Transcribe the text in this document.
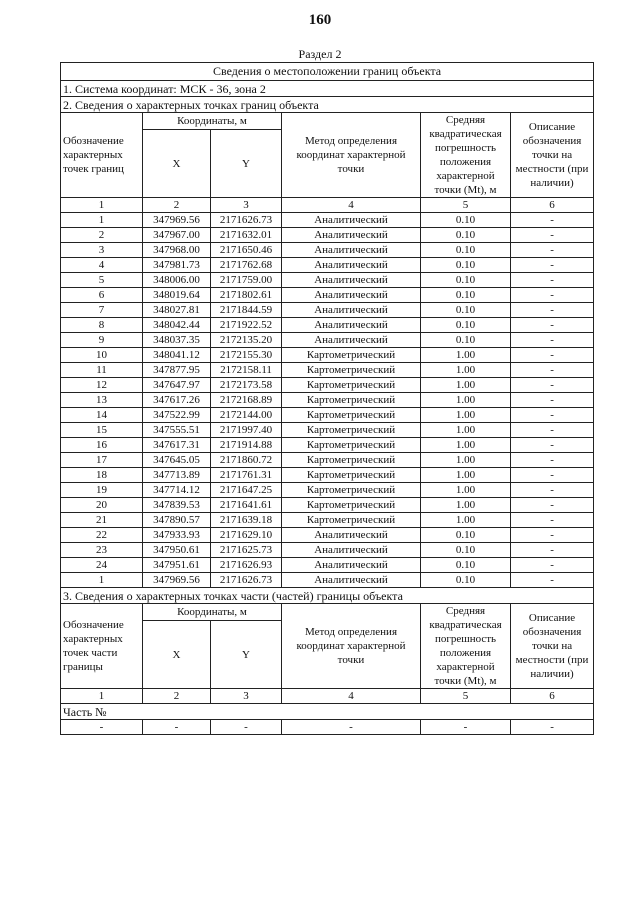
160
Раздел 2
Сведения о местоположении границ объекта					
1. Система координат: МСК - 36, зона 2					
2. Сведения о характерных точках границ объекта					
Обозначение характерных точек границ	Координаты, м		Метод определения координат характерной точки	Средняя квадратическая погрешность положения характерной точки (Mt), м	Описание обозначения точки на местности (при наличии)
	X	Y			
1	2	3	4	5	6
1	347969.56	2171626.73	Аналитический	0.10	-
2	347967.00	2171632.01	Аналитический	0.10	-
3	347968.00	2171650.46	Аналитический	0.10	-
4	347981.73	2171762.68	Аналитический	0.10	-
5	348006.00	2171759.00	Аналитический	0.10	-
6	348019.64	2171802.61	Аналитический	0.10	-
7	348027.81	2171844.59	Аналитический	0.10	-
8	348042.44	2171922.52	Аналитический	0.10	-
9	348037.35	2172135.20	Аналитический	0.10	-
10	348041.12	2172155.30	Картометрический	1.00	-
11	347877.95	2172158.11	Картометрический	1.00	-
12	347647.97	2172173.58	Картометрический	1.00	-
13	347617.26	2172168.89	Картометрический	1.00	-
14	347522.99	2172144.00	Картометрический	1.00	-
15	347555.51	2171997.40	Картометрический	1.00	-
16	347617.31	2171914.88	Картометрический	1.00	-
17	347645.05	2171860.72	Картометрический	1.00	-
18	347713.89	2171761.31	Картометрический	1.00	-
19	347714.12	2171647.25	Картометрический	1.00	-
20	347839.53	2171641.61	Картометрический	1.00	-
21	347890.57	2171639.18	Картометрический	1.00	-
22	347933.93	2171629.10	Аналитический	0.10	-
23	347950.61	2171625.73	Аналитический	0.10	-
24	347951.61	2171626.93	Аналитический	0.10	-
1	347969.56	2171626.73	Аналитический	0.10	-
3. Сведения о характерных точках части (частей) границы объекта					
Обозначение характерных точек части границы	Координаты, м		Метод определения координат характерной точки	Средняя квадратическая погрешность положения характерной точки (Mt), м	Описание обозначения точки на местности (при наличии)
	X	Y			
1	2	3	4	5	6
Часть №					
-	-	-	-	-	-
